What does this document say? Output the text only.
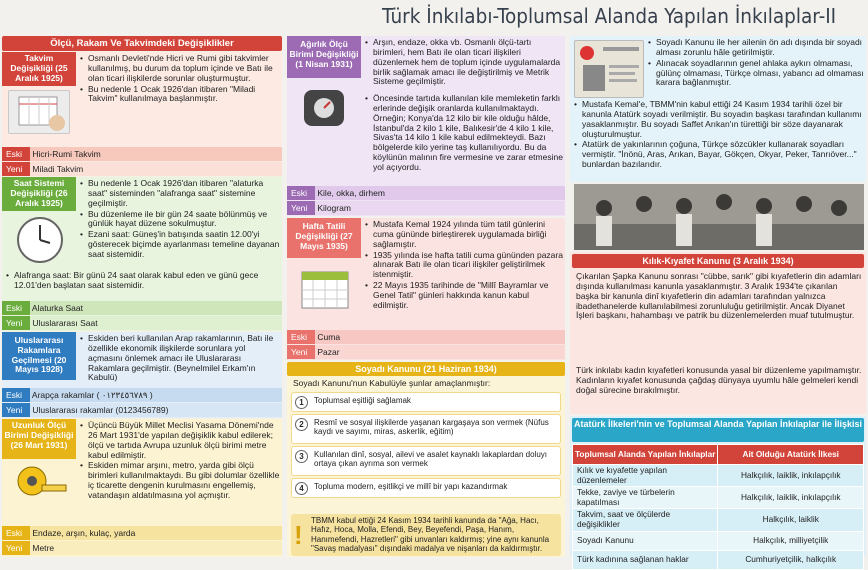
Türk İnkılabı-Toplumsal Alanda Yapılan İnkılaplar-II
Ölçü, Rakam Ve Takvimdeki Değişiklikler
Takvim Değişikliği (25 Aralık 1925)
• Osmanlı Devleti'nde Hicri ve Rumi gibi takvimler kullanılmış, bu durum da toplum içinde ve Batı ile olan ticari ilişkilerde sorunlar oluşturmuştur.
• Bu nedenle 1 Ocak 1926'dan itibaren "Miladi Takvim" kullanılmaya başlanmıştır.
Eski Hicri-Rumi Takvim
Yeni Miladi Takvim
Saat Sistemi Değişikliği (26 Aralık 1925)
• Bu nedenle 1 Ocak 1926'dan itibaren "alaturka saat" sisteminden "alafranga saat" sistemine geçilmiştir.
• Bu düzenleme ile bir gün 24 saate bölünmüş ve günlük hayat düzene sokulmuştur.
• Ezani saat: Güneş'in batışında saatin 12.00'yi gösterecek biçimde ayarlanması temeline dayanan saat sistemidir.
• Alafranga saat: Bir günü 24 saat olarak kabul eden ve günü gece 12.01'den başlatan saat sistemidir.
Eski Alaturka Saat
Yeni Uluslararası Saat
Uluslararası Rakamlara Geçilmesi (20 Mayıs 1928)
• Eskiden beri kullanılan Arap rakamlarının, Batı ile özellikle ekonomik ilişkilerde sorunlara yol açmasını önlemek amacı ile Uluslararası Rakamlara geçilmiştir. (Beynelmilel Erkam'ın Kabulü)
Eski Arapça rakamlar ( ٠١٢٣٤٥٦٧٨٩ )
Yeni Uluslararası rakamlar (0123456789)
Uzunluk Ölçü Birimi Değişikliği (26 Mart 1931)
• Üçüncü Büyük Millet Meclisi Yasama Dönemi'nde 26 Mart 1931'de yapılan değişiklik kabul edilerek; ölçü ve tartıda Avrupa uzunluk ölçü birimi metre kabul edilmiştir.
• Eskiden mimar arşını, metro, yarda gibi ölçü birimleri kullanılmaktaydı. Bu gibi dolumlar özellikle iç ticarette dengenin kurulmasını engellemiş, vatandaşın aldatılmasına yol açmıştır.
Eski Endaze, arşın, kulaç, yarda
Yeni Metre
Ağırlık Ölçü Birimi Değişikliği (1 Nisan 1931)
• Arşın, endaze, okka vb. Osmanlı ölçü-tartı birimleri, hem Batı ile olan ticari ilişkileri düzenlemek hem de toplum içinde uygulamalarda birlik sağlamak amacı ile değiştirilmiş ve Metrik Sisteme geçilmiştir.
• Öncesinde tartıda kullanılan kile memleketin farklı erlerinde değişik oranlarda kullanılmaktaydı. Örneğin; Konya'da 12 kilo bir kile olduğu hâlde, İstanbul'da 2 kilo 1 kile, Balıkesir'de 4 kilo 1 kile, Sivas'ta 14 kilo 1 kile kabul edilmekteydi. Bazı bölgelerde kilo yerine taş kullanılıyordu. Bu da köylünün malının fire vermesine ve zarar etmesine yol açıyordu.
Eski Kile, okka, dirhem
Yeni Kilogram
Hafta Tatili Değişikliği (27 Mayıs 1935)
• Mustafa Kemal 1924 yılında tüm tatil günlerini cuma gününde birleştirerek uygulamada birliği sağlamıştır.
• 1935 yılında ise hafta tatili cuma gününden pazara alınarak Batı ile olan ticari ilişkiler geliştirilmek istenmiştir.
• 22 Mayıs 1935 tarihinde de "Millî Bayramlar ve Genel Tatil" günleri hakkında kanun kabul edilmiştir.
Eski Cuma
Yeni Pazar
Soyadı Kanunu (21 Haziran 1934)
Soyadı Kanunu'nun Kabulüyle şunlar amaçlanmıştır:
1	Toplumsal eşitliği sağlamak
2	Resmî ve sosyal ilişkilerde yaşanan kargaşaya son vermek (Nüfus kaydı ve sayımı, miras, askerlik, eğitim)
3	Kullanılan dinî, sosyal, ailevi ve asalet kaynaklı lakaplardan doluyı ortaya çıkan ayrıma son vermek
4	Topluma modern, eşitlikçi ve millî bir yapı kazandırmak
!	TBMM kabul ettiği 24 Kasım 1934 tarihli kanunda da "Ağa, Hacı, Hafız, Hoca, Molla, Efendi, Bey, Beyefendi, Paşa, Hanım, Hanımefendi, Hazretleri" gibi unvanları kaldırmış; yine aynı kanunla "Savaş madalyası" dışındaki madalya ve nişanları da kaldırmıştır.
• Soyadı Kanunu ile her ailenin ön adı dışında bir soyadı alması zorunlu hâle getirilmiştir.
• Alınacak soyadlarının genel ahlaka aykırı olmaması, gülünç olmaması, Türkçe olması, yabancı ad olmaması karara bağlanmıştır.
• Mustafa Kemal'e, TBMM'nin kabul ettiği 24 Kasım 1934 tarihli özel bir kanunla Atatürk soyadı verilmiştir. Bu soyadın başkası tarafından kullanımı yasaklanmıştır. Bu soyadı Saffet Arıkan'ın türettiği bir söze dayanarak oluşturulmuştur.
• Atatürk de yakınlarının çoğuna, Türkçe sözcükler kullanarak soyadları vermiştir. "İnönü, Aras, Arıkan, Bayar, Gökçen, Okyar, Peker, Tanrıöver..." bunlardan bazılarıdır.
Kılık-Kıyafet Kanunu (3 Aralık 1934)
Çıkarılan Şapka Kanunu sonrası "cübbe, sarık" gibi kıyafetlerin din adamları dışında kullanılması kanunla yasaklanmıştır. 3 Aralık 1934'te çıkarılan başka bir kanunla dinî kıyafetlerin din adamları tarafından yalnızca ibadethanelerde kullanılabilmesi zorunluluğu getirilmiştir. Ancak Diyanet İşleri başkanı, hahambaşı ve patrik bu düzenlemelerden muaf tutulmuştur.
Türk inkılabı kadın kıyafetleri konusunda yasal bir düzenleme yapılmamıştır. Kadınların kıyafet konusunda çağdaş dünyaya uyumlu hâle gelmeleri kendi doğal sürecine bırakılmıştır.
Atatürk İlkeleri'nin ve Toplumsal Alanda Yapılan İnkılaplar ile İlişkisi
Toplumsal Alanda Yapılan İnkılaplar	Ait Olduğu Atatürk İlkesi
Kılık ve kıyafette yapılan düzenlemeler	Halkçılık, laiklik, inkılapçılık
Tekke, zaviye ve türbelerin kapatılması	Halkçılık, laiklik, inkılapçılık
Takvim, saat ve ölçülerde değişiklikler	Halkçılık, laiklik
Soyadı Kanunu	Halkçılık, milliyetçilik
Türk kadınına sağlanan haklar	Cumhuriyetçilik, halkçılık
